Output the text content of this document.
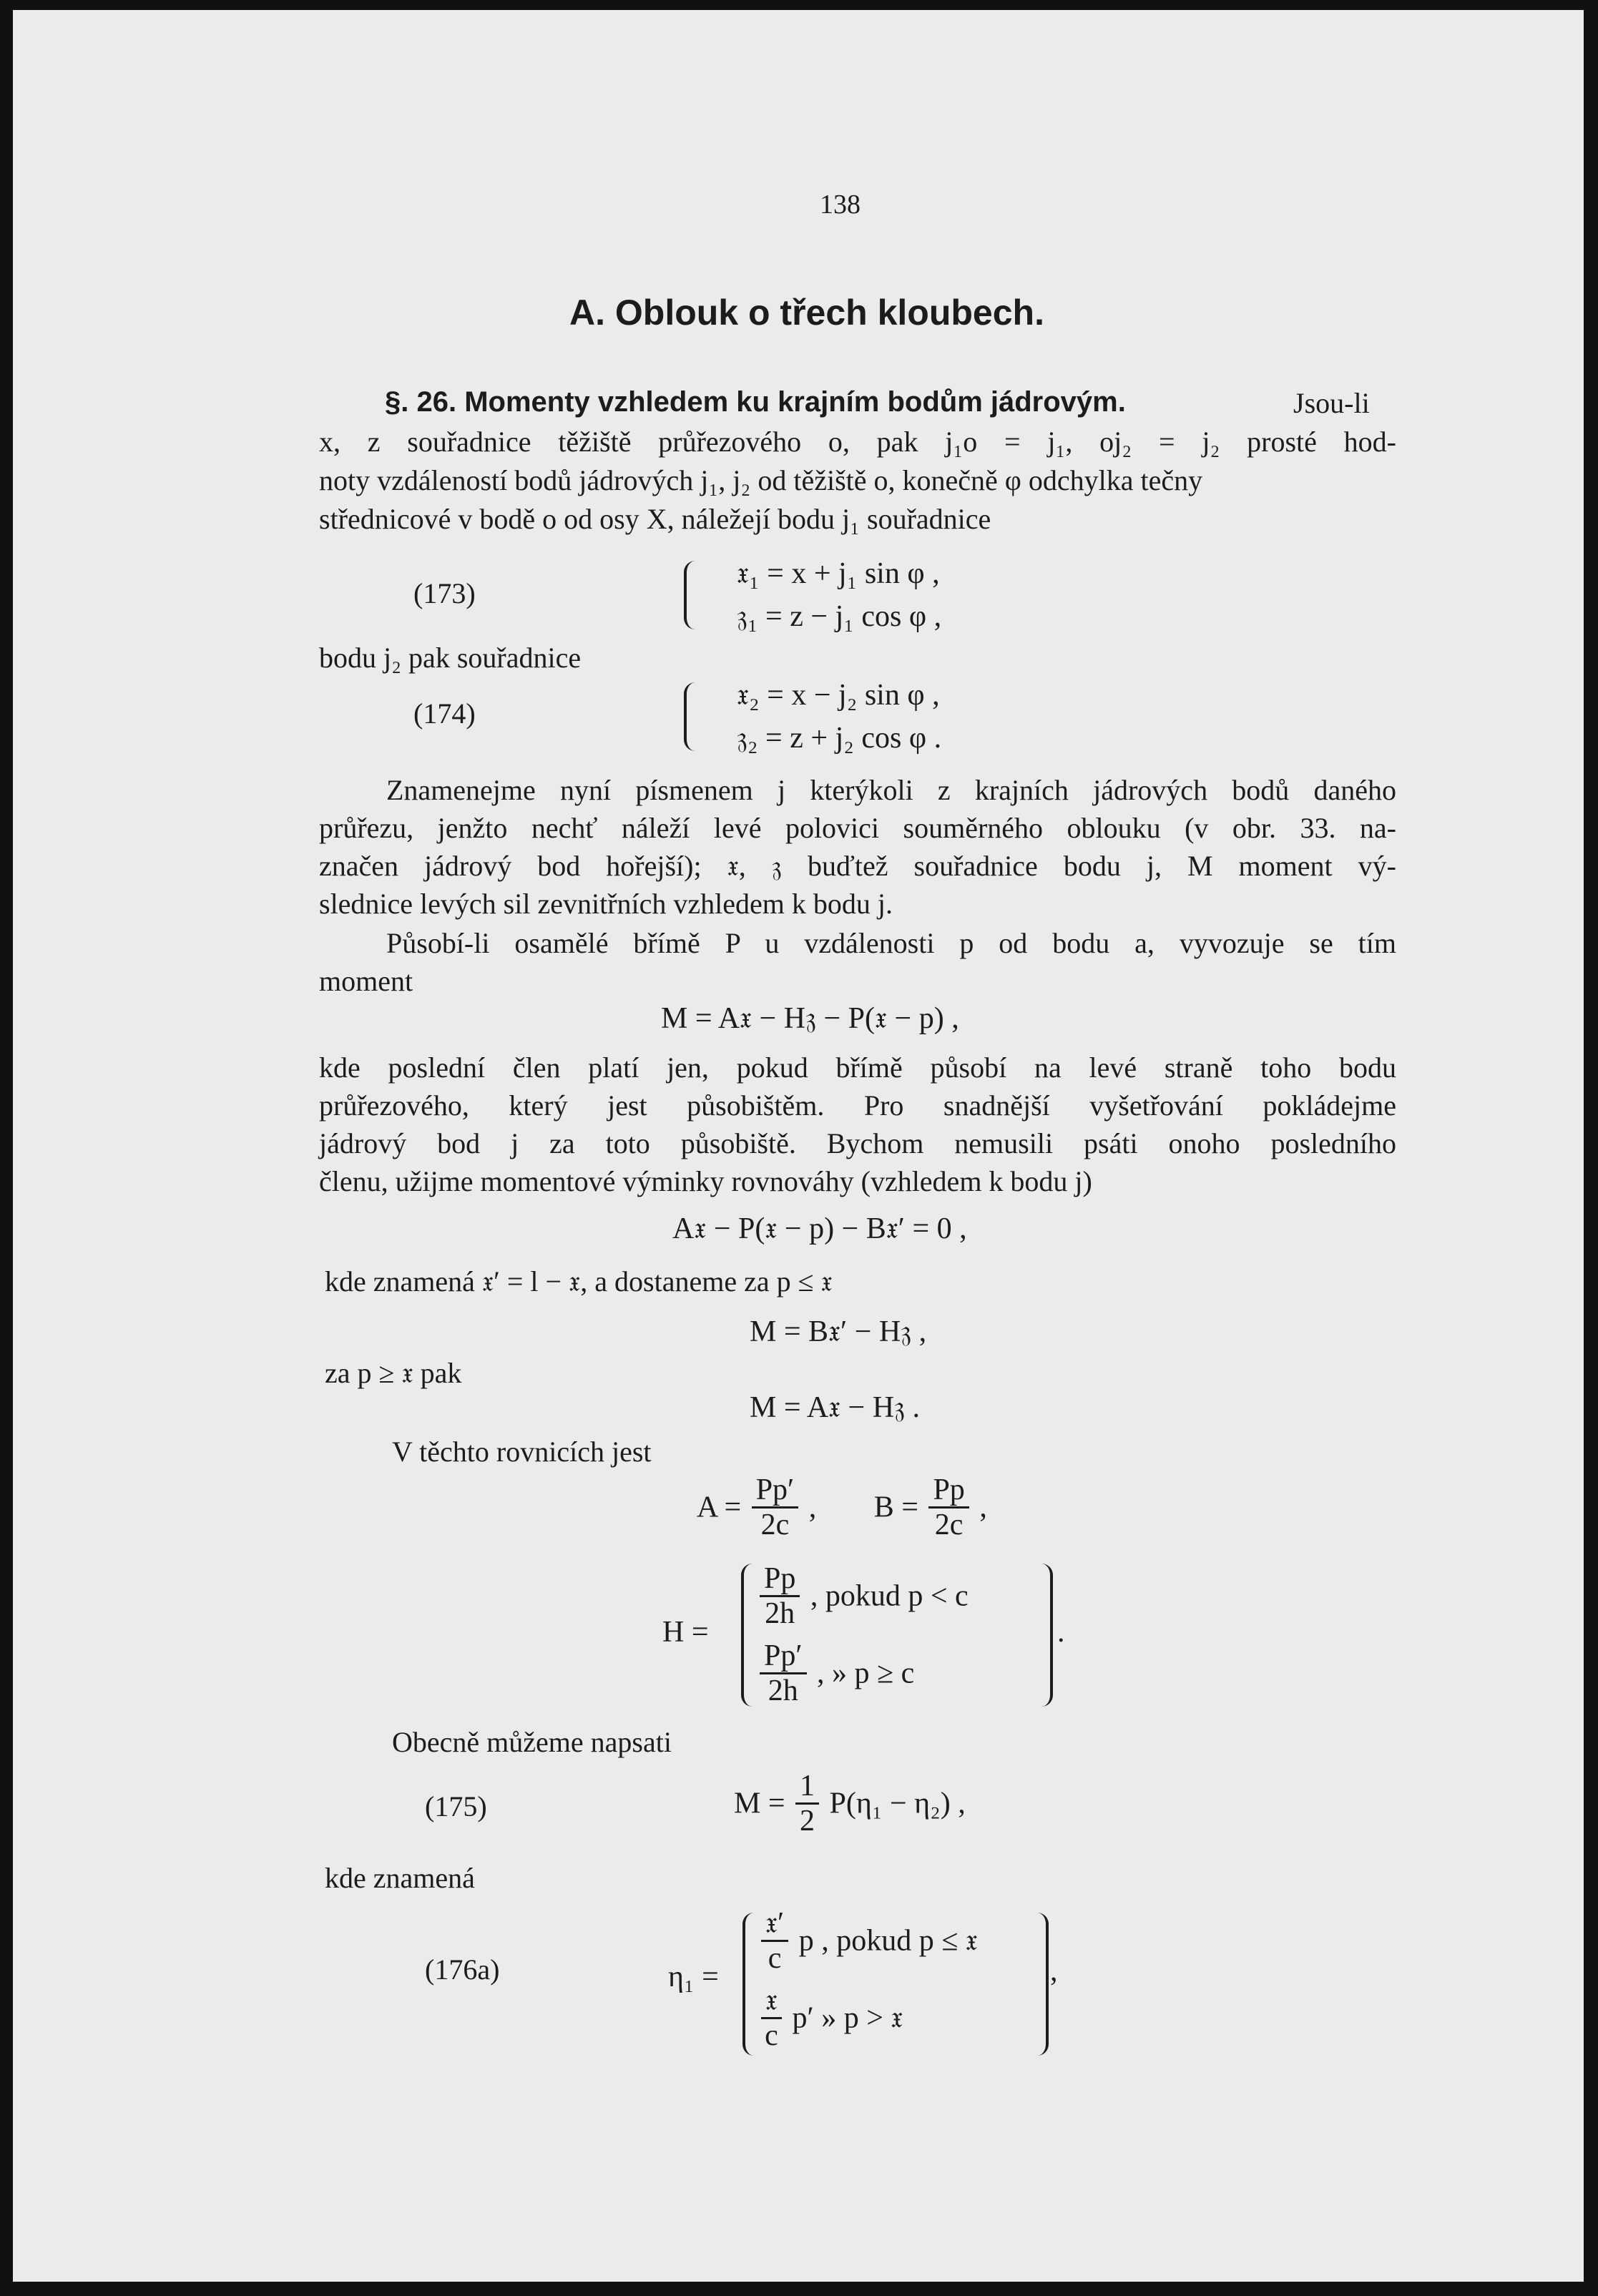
138
A. Oblouk o třech kloubech.
§. 26. Momenty vzhledem ku krajním bodům jádrovým.	Jsou-li
x, z souřadnice těžiště průřezového o, pak j₁o = j₁, oj₂ = j₂ prosté hod-
noty vzdáleností bodů jádrových j₁, j₂ od těžiště o, konečně φ odchylka tečny
střednicové v bodě o od osy X, náležejí bodu j₁ souřadnice
(173)
𝔵₁ = x + j₁ sin φ ,
𝔷₁ = z − j₁ cos φ ,
bodu j₂ pak souřadnice
(174)
𝔵₂ = x − j₂ sin φ ,
𝔷₂ = z + j₂ cos φ .
Znamenejme nyní písmenem j kterýkoli z krajních jádrových bodů daného
průřezu, jenžto nechť náleží levé polovici souměrného oblouku (v obr. 33. na-
značen jádrový bod hořejší); 𝔵, 𝔷 buďtež souřadnice bodu j, M moment vý-
slednice levých sil zevnitřních vzhledem k bodu j.
Působí-li osamělé břímě P u vzdálenosti p od bodu a, vyvozuje se tím
moment
M = A𝔵 − H𝔷 − P(𝔵 − p) ,
kde poslední člen platí jen, pokud břímě působí na levé straně toho bodu
průřezového, který jest působištěm. Pro snadnější vyšetřování pokládejme
jádrový bod j za toto působiště. Bychom nemusili psáti onoho posledního
členu, užijme momentové výminky rovnováhy (vzhledem k bodu j)
A𝔵 − P(𝔵 − p) − B𝔵′ = 0 ,
kde znamená 𝔵′ = l − 𝔵, a dostaneme za p ≤ 𝔵
M = B𝔵′ − H𝔷 ,
za p ≥ 𝔵 pak
M = A𝔵 − H𝔷 .
V těchto rovnicích jest
$A = \frac{Pp'}{2c}$ , $B = \frac{Pp}{2c}$ ,
H =
$\frac{Pp}{2h}$ , pokud p < c
$\frac{Pp'}{2h}$ , » p ≥ c
.
Obecně můžeme napsati
(175)	$M = \frac{1}{2} P(\eta_1 - \eta_2)$ ,
kde znamená
(176a)	η₁ =
$\frac{\text{𝔵′}}{c}$ p , pokud p ≤ 𝔵
$\frac{\text{𝔵}}{c} p'$ » p > 𝔵
,
